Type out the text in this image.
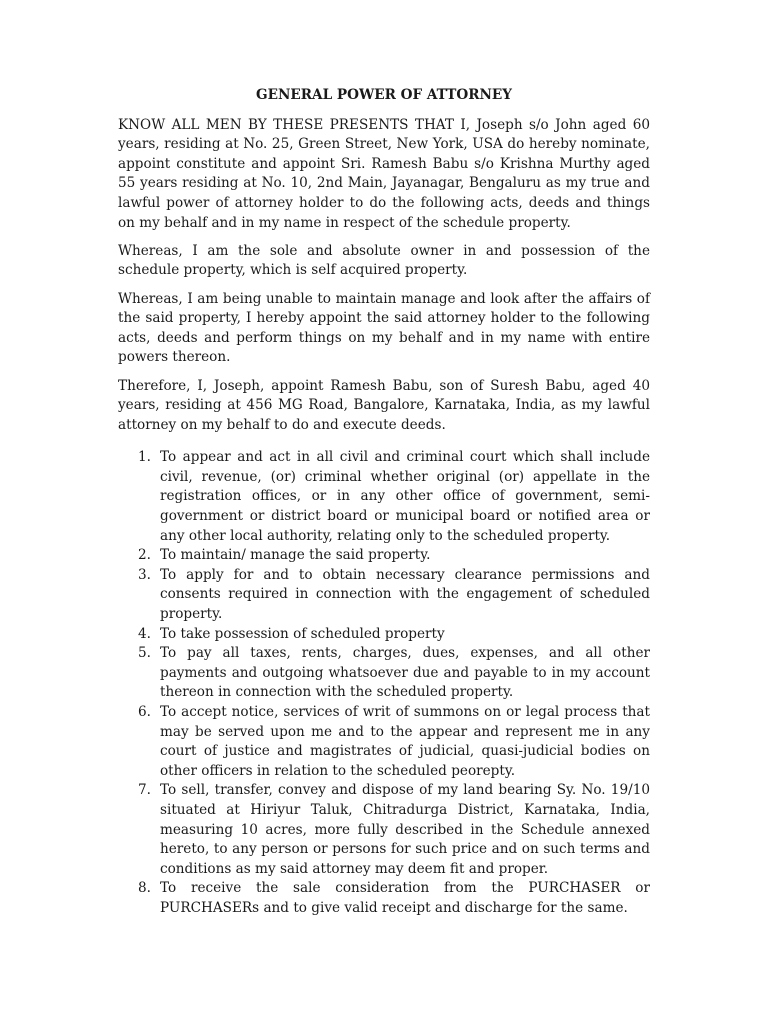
GENERAL POWER OF ATTORNEY

KNOW ALL MEN BY THESE PRESENTS THAT I, Joseph s/o John aged 60 years, residing at No. 25, Green Street, New York, USA do hereby nominate, appoint constitute and appoint Sri. Ramesh Babu s/o Krishna Murthy aged 55 years residing at No. 10, 2nd Main, Jayanagar, Bengaluru as my true and lawful power of attorney holder to do the following acts, deeds and things on my behalf and in my name in respect of the schedule property.

Whereas, I am the sole and absolute owner in and possession of the schedule property, which is self acquired property.

Whereas, I am being unable to maintain manage and look after the affairs of the said property, I hereby appoint the said attorney holder to the following acts, deeds and perform things on my behalf and in my name with entire powers thereon.

Therefore, I, Joseph, appoint Ramesh Babu, son of Suresh Babu, aged 40 years, residing at 456 MG Road, Bangalore, Karnataka, India, as my lawful attorney on my behalf to do and execute deeds.

1. To appear and act in all civil and criminal court which shall include civil, revenue, (or) criminal whether original (or) appellate in the registration offices, or in any other office of government, semi-government or district board or municipal board or notified area or any other local authority, relating only to the scheduled property.
2. To maintain/ manage the said property.
3. To apply for and to obtain necessary clearance permissions and consents required in connection with the engagement of scheduled property.
4. To take possession of scheduled property
5. To pay all taxes, rents, charges, dues, expenses, and all other payments and outgoing whatsoever due and payable to in my account thereon in connection with the scheduled property.
6. To accept notice, services of writ of summons on or legal process that may be served upon me and to the appear and represent me in any court of justice and magistrates of judicial, quasi-judicial bodies on other officers in relation to the scheduled peorepty.
7. To sell, transfer, convey and dispose of my land bearing Sy. No. 19/10 situated at Hiriyur Taluk, Chitradurga District, Karnataka, India, measuring 10 acres, more fully described in the Schedule annexed hereto, to any person or persons for such price and on such terms and conditions as my said attorney may deem fit and proper.
8. To receive the sale consideration from the PURCHASER or PURCHASERs and to give valid receipt and discharge for the same.
